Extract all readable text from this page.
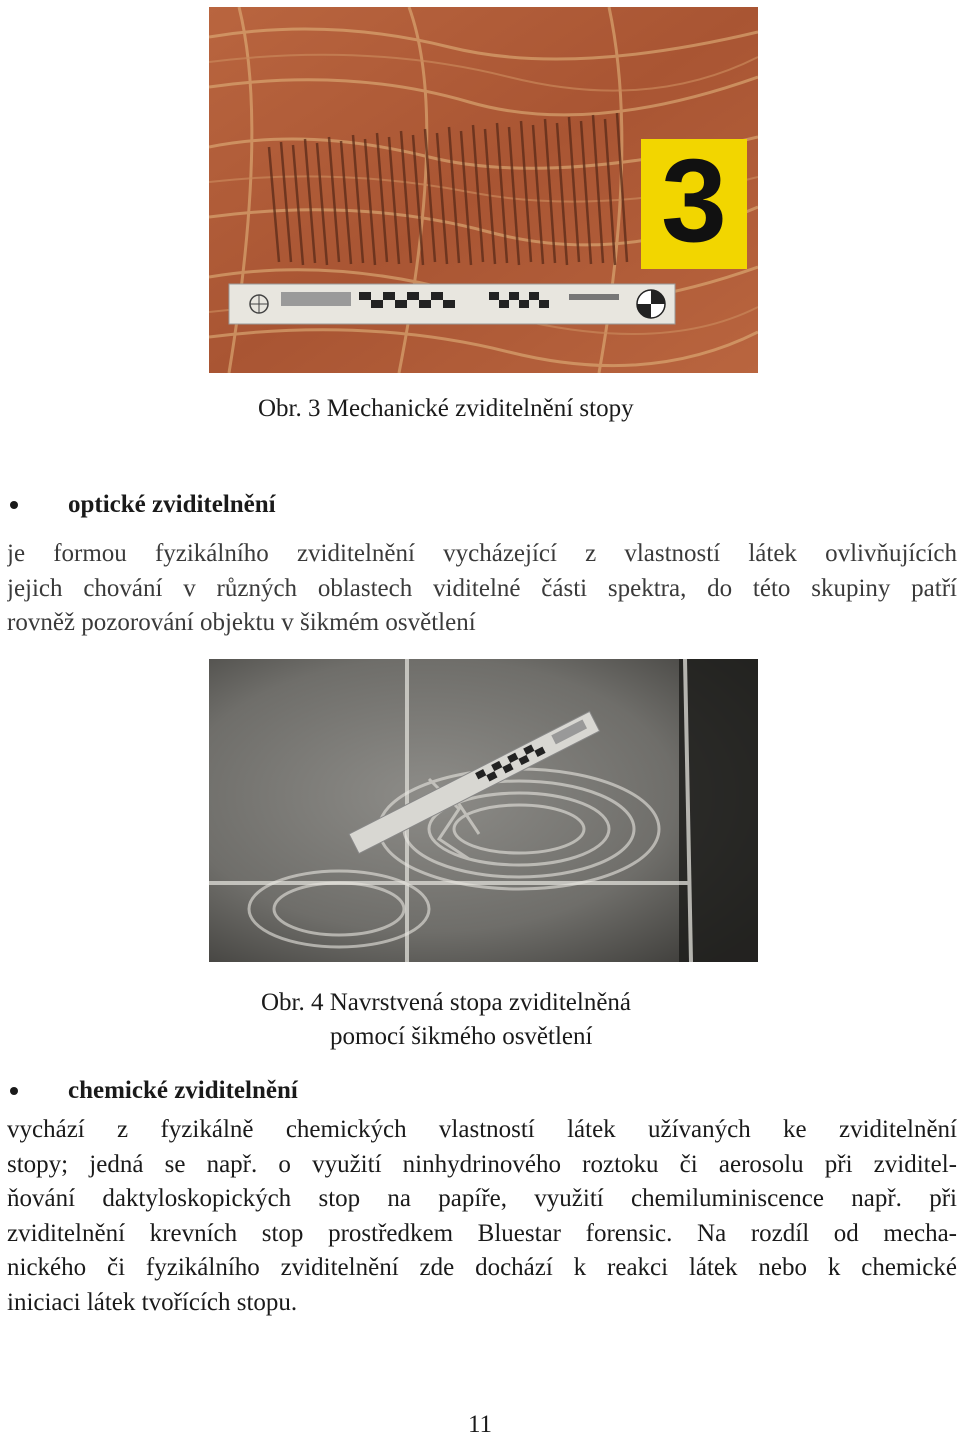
3
Obr. 3 Mechanické zviditelnění stopy
optické zviditelnění
je formou fyzikálního zviditelnění vycházející z vlastností látek ovlivňujících
jejich chování v různých oblastech viditelné části spektra, do této skupiny patří
rovněž pozorování objektu v šikmém osvětlení
Obr. 4 Navrstvená stopa zviditelněná
pomocí šikmého osvětlení
chemické zviditelnění
vychází z fyzikálně chemických vlastností látek užívaných ke zviditelnění
stopy; jedná se např. o využití ninhydrinového roztoku či aerosolu při zviditel-
ňování daktyloskopických stop na papíře, využití chemiluminiscence např. při
zviditelnění krevních stop prostředkem Bluestar forensic. Na rozdíl od mecha-
nického či fyzikálního zviditelnění zde dochází k reakci látek nebo k chemické
iniciaci látek tvořících stopu.
11
